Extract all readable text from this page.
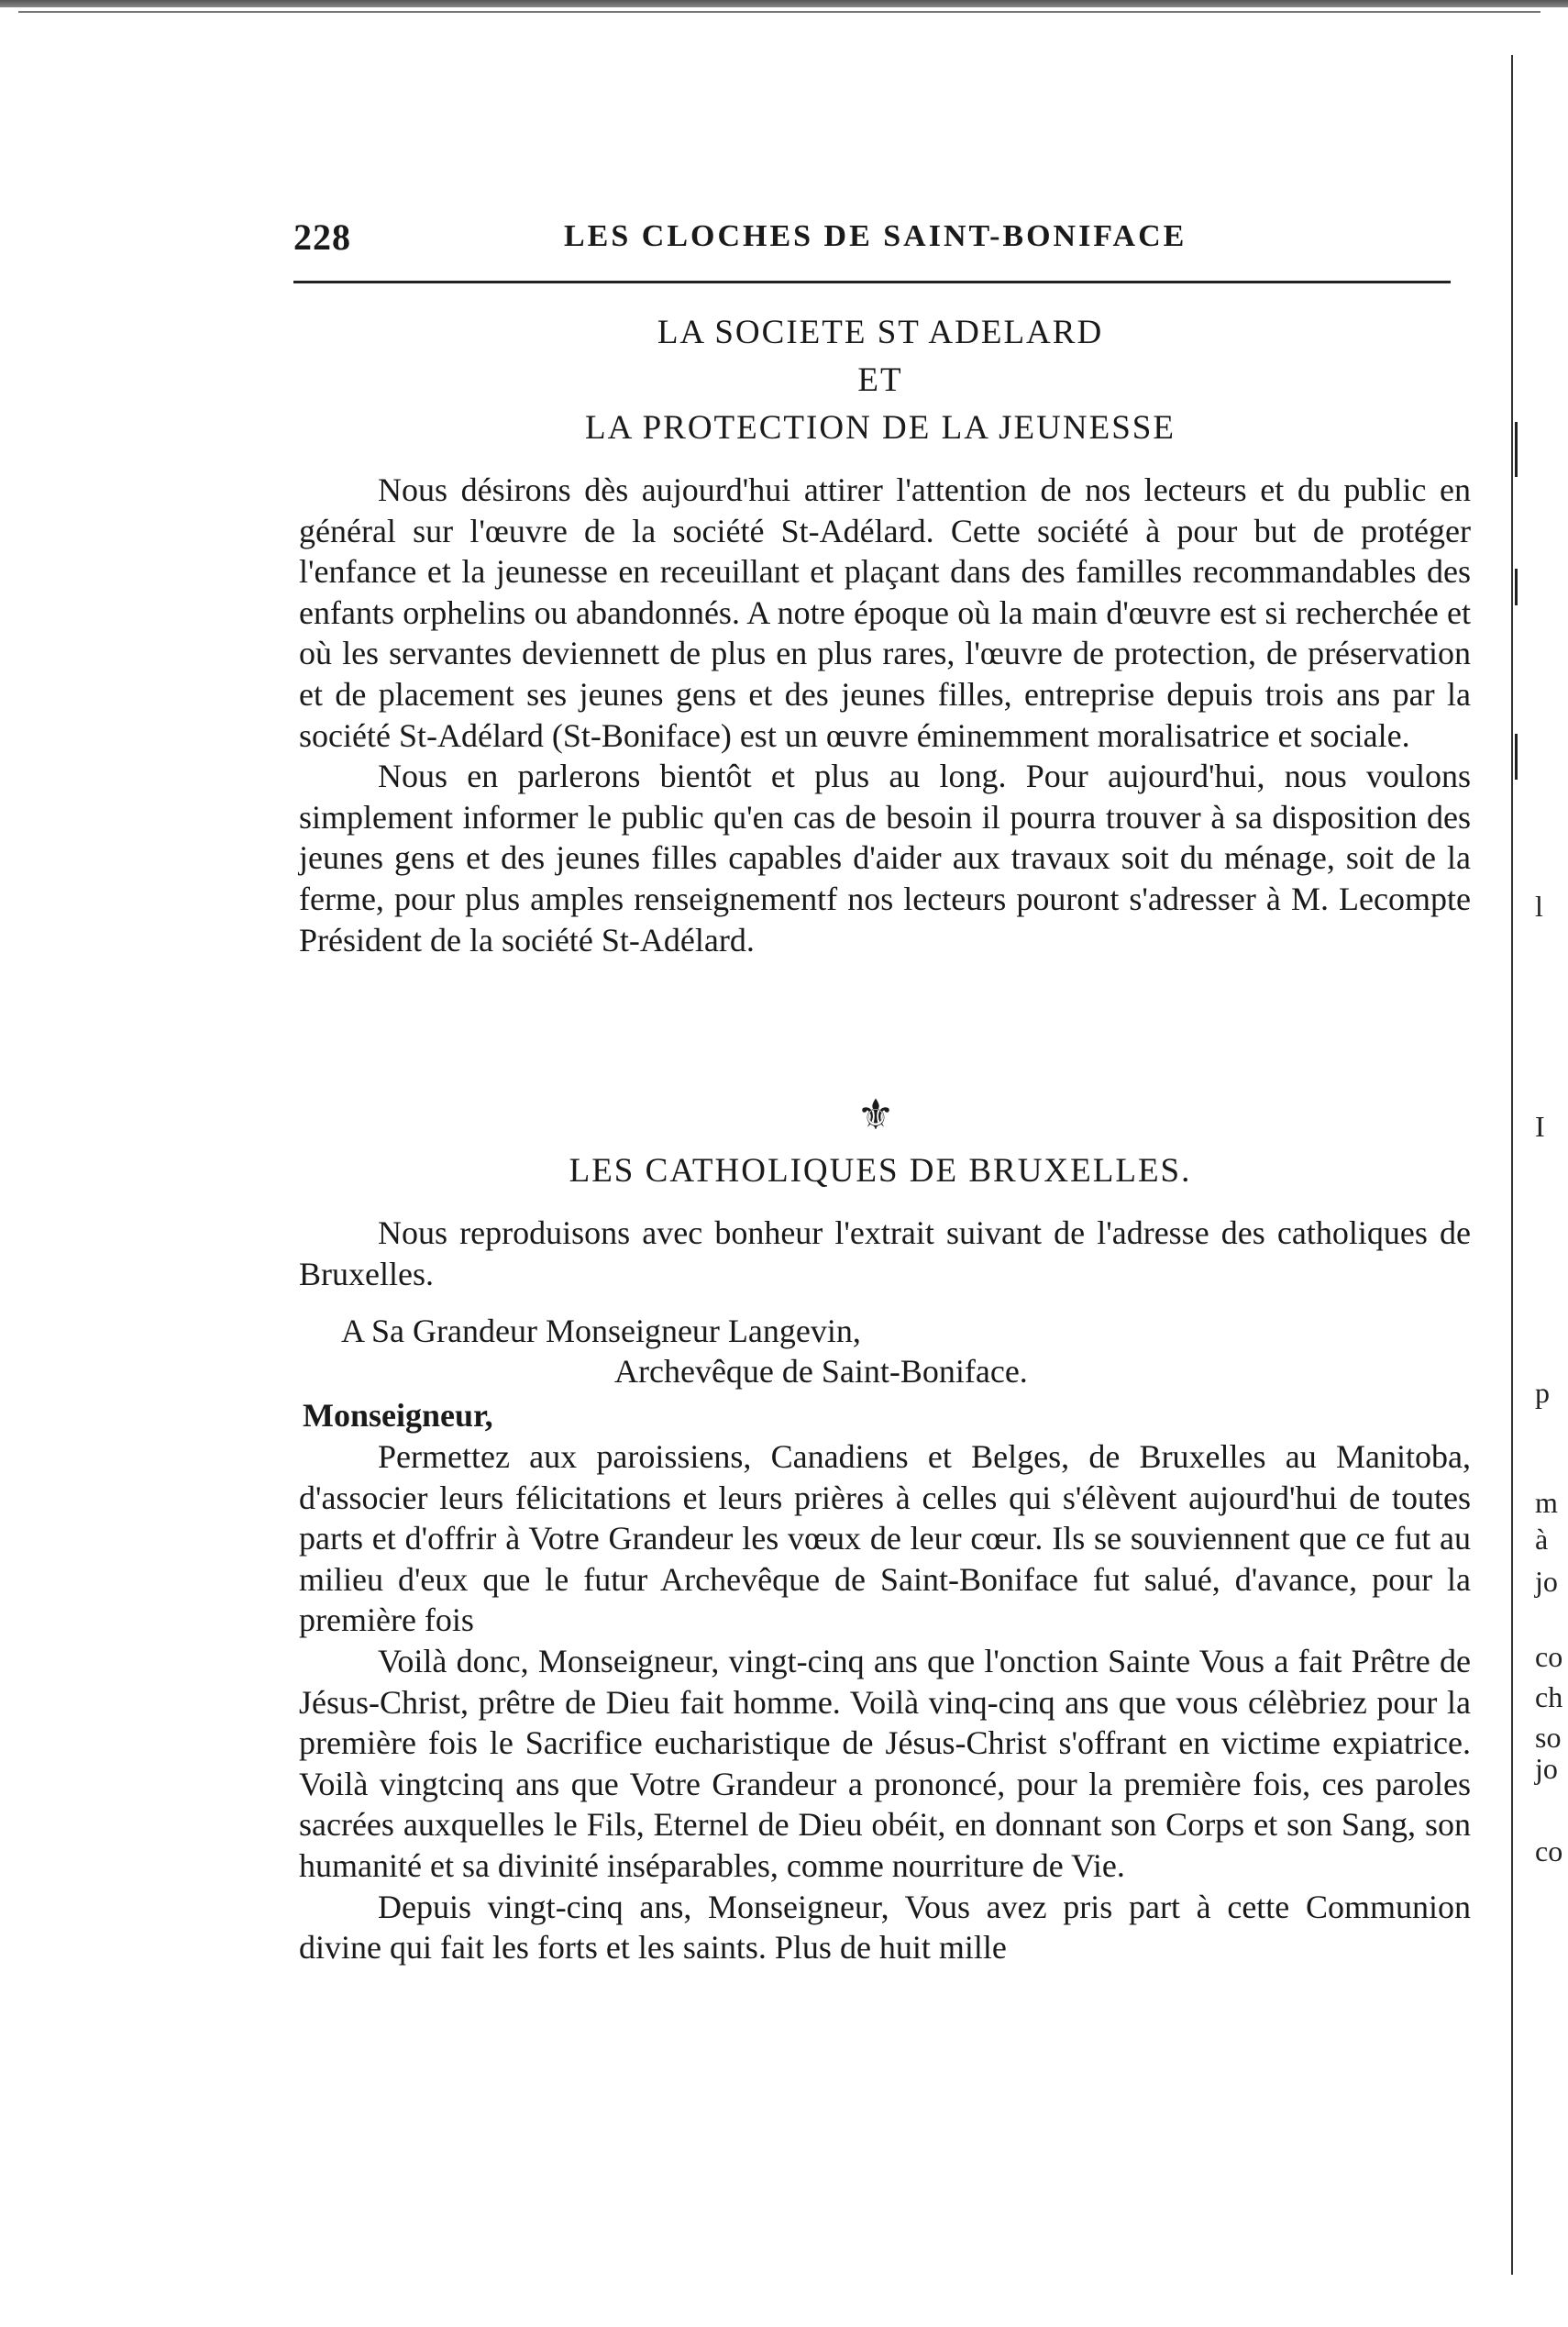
228	LES CLOCHES DE SAINT-BONIFACE
LA SOCIETE ST ADELARD
ET
LA PROTECTION DE LA JEUNESSE

Nous désirons dès aujourd'hui attirer l'attention de nos lecteurs et du public en général sur l'œuvre de la société St-Adélard. Cette société à pour but de protéger l'enfance et la jeunesse en receuillant et plaçant dans des familles recommandables des enfants orphelins ou abandonnés. A notre époque où la main d'œuvre est si recherchée et où les servantes deviennett de plus en plus rares, l'œuvre de protection, de préservation et de placement ses jeunes gens et des jeunes filles, entreprise depuis trois ans par la société St-Adélard (St-Boniface) est un œuvre éminemment moralisatrice et sociale.

Nous en parlerons bientôt et plus au long. Pour aujourd'hui, nous voulons simplement informer le public qu'en cas de besoin il pourra trouver à sa disposition des jeunes gens et des jeunes filles capables d'aider aux travaux soit du ménage, soit de la ferme, pour plus amples renseignementf nos lecteurs pouront s'adresser à M. Lecompte Président de la société St-Adélard.

⚜
LES CATHOLIQUES DE BRUXELLES.

Nous reproduisons avec bonheur l'extrait suivant de l'adresse des catholiques de Bruxelles.

A Sa Grandeur Monseigneur Langevin,
Archevêque de Saint-Boniface.
Monseigneur,

Permettez aux paroissiens, Canadiens et Belges, de Bruxelles au Manitoba, d'associer leurs félicitations et leurs prières à celles qui s'élèvent aujourd'hui de toutes parts et d'offrir à Votre Grandeur les vœux de leur cœur. Ils se souviennent que ce fut au milieu d'eux que le futur Archevêque de Saint-Boniface fut salué, d'avance, pour la première fois

Voilà donc, Monseigneur, vingt-cinq ans que l'onction Sainte Vous a fait Prêtre de Jésus-Christ, prêtre de Dieu fait homme. Voilà vinq-cinq ans que vous célèbriez pour la première fois le Sacrifice eucharistique de Jésus-Christ s'offrant en victime expiatrice. Voilà vingtcinq ans que Votre Grandeur a prononcé, pour la première fois, ces paroles sacrées auxquelles le Fils, Eternel de Dieu obéit, en donnant son Corps et son Sang, son humanité et sa divinité inséparables, comme nourriture de Vie.

Depuis vingt-cinq ans, Monseigneur, Vous avez pris part à cette Communion divine qui fait les forts et les saints. Plus de huit mille

l
I
p
m
à
jo
co
ch
so
jo
co
